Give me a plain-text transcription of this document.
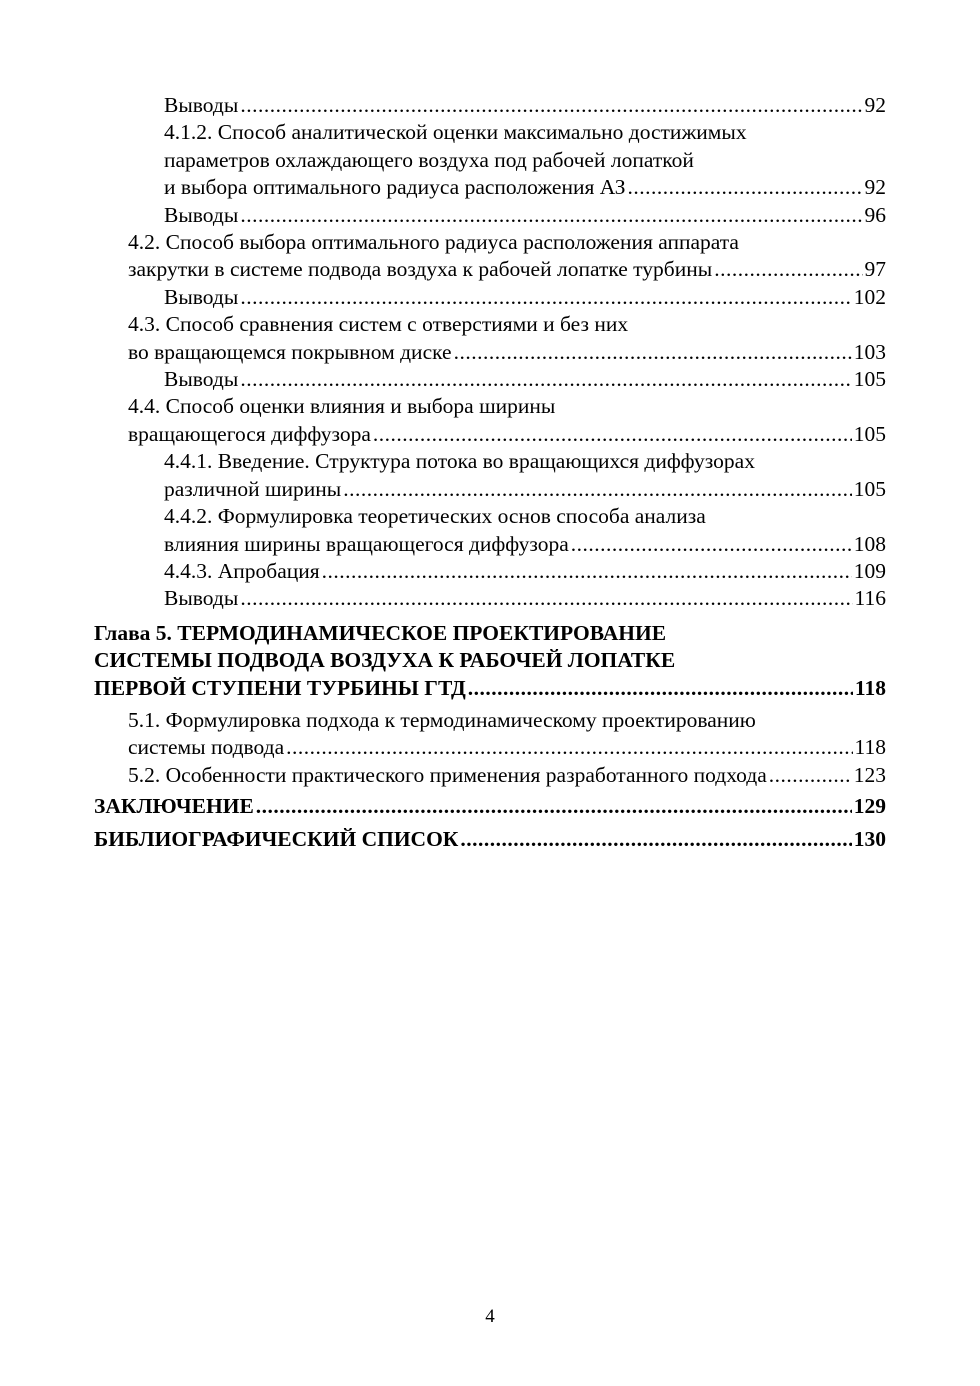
Выводы .....	92
4.1.2. Способ аналитической оценки максимально достижимых
параметров охлаждающего воздуха под рабочей лопаткой
и выбора оптимального радиуса расположения АЗ .....	92
Выводы .....	96
4.2. Способ выбора оптимального радиуса расположения аппарата
закрутки в системе подвода воздуха к рабочей лопатке турбины .....	97
Выводы .....	102
4.3. Способ сравнения систем с отверстиями и без них
во вращающемся покрывном диске .....	103
Выводы .....	105
4.4. Способ оценки влияния и выбора ширины
вращающегося диффузора .....	105
4.4.1. Введение. Структура потока во вращающихся диффузорах
различной ширины .....	105
4.4.2. Формулировка теоретических основ способа анализа
влияния ширины вращающегося диффузора .....	108
4.4.3. Апробация .....	109
Выводы .....	116
Глава 5. ТЕРМОДИНАМИЧЕСКОЕ ПРОЕКТИРОВАНИЕ
СИСТЕМЫ ПОДВОДА ВОЗДУХА К РАБОЧЕЙ ЛОПАТКЕ
ПЕРВОЙ СТУПЕНИ ТУРБИНЫ ГТД .....	118
5.1. Формулировка подхода к термодинамическому проектированию
системы подвода .....	118
5.2. Особенности практического применения разработанного подхода .....	123
ЗАКЛЮЧЕНИЕ .....	129
БИБЛИОГРАФИЧЕСКИЙ СПИСОК .....	130
4
